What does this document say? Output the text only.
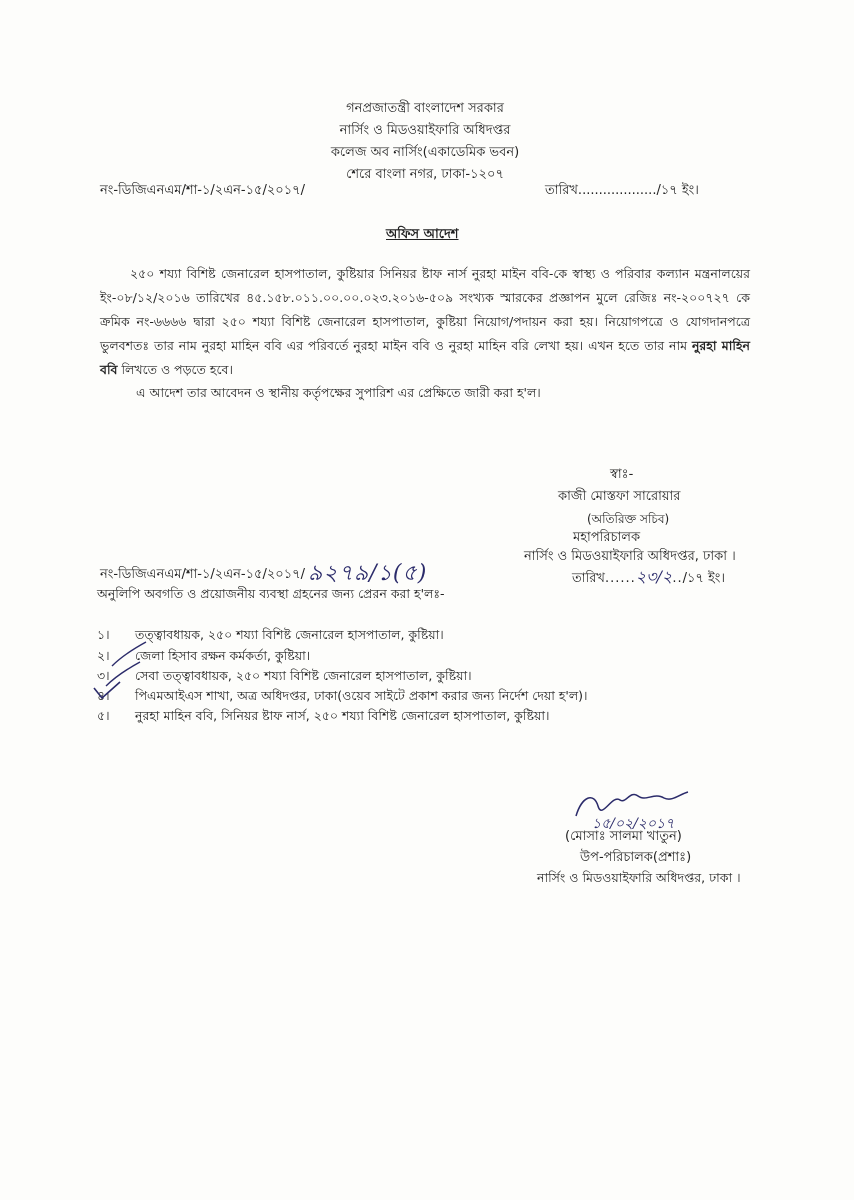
গনপ্রজাতন্ত্রী বাংলাদেশ সরকার
নার্সিং ও মিডওয়াইফারি অধিদপ্তর
কলেজ অব নার্সিং(একাডেমিক ভবন)
শেরে বাংলা নগর, ঢাকা-১২০৭
নং-ডিজিএনএম/শা-১/২এন-১৫/২০১৭/	তারিখ.................../১৭ ইং।
অফিস আদেশ
২৫০ শয্যা বিশিষ্ট জেনারেল হাসপাতাল, কুষ্টিয়ার সিনিয়র ষ্টাফ নার্স নুরহা মাইন ববি-কে স্বাস্থ্য ও পরিবার কল্যান মন্ত্রনালয়ের ইং-০৮/১২/২০১৬ তারিখের ৪৫.১৫৮.০১১.০০.০০.০২৩.২০১৬-৫০৯ সংখ্যক স্মারকের প্রজ্ঞাপন মুলে রেজিঃ নং-২০০৭২৭ কে ক্রমিক নং-৬৬৬৬ দ্বারা ২৫০ শয্যা বিশিষ্ট জেনারেল হাসপাতাল, কুষ্টিয়া নিয়োগ/পদায়ন করা হয়। নিয়োগপত্রে ও যোগদানপত্রে ভুলবশতঃ তার নাম নুরহা মাহিন ববি এর পরিবর্তে নুরহা মাইন ববি ও নুরহা মাহিন বরি লেখা হয়। এখন হতে তার নাম নুরহা মাহিন ববি লিখতে ও পড়তে হবে।
এ আদেশ তার আবেদন ও স্থানীয় কর্তৃপক্ষের সুপারিশ এর প্রেক্ষিতে জারী করা হ'ল।
স্বাঃ-
কাজী মোস্তফা সারোয়ার
(অতিরিক্ত সচিব)
মহাপরিচালক
নার্সিং ও মিডওয়াইফারি অধিদপ্তর, ঢাকা ।
নং-ডিজিএনএম/শা-১/২এন-১৫/২০১৭/ ৯২৭৯/১(৫)	তারিখ......২৩/২../১৭ ইং।
অনুলিপি অবগতি ও প্রয়োজনীয় ব্যবস্থা গ্রহনের জন্য প্রেরন করা হ'লঃ-
১। তত্ত্বাবধায়ক, ২৫০ শয্যা বিশিষ্ট জেনারেল হাসপাতাল, কুষ্টিয়া।
২। জেলা হিসাব রক্ষন কর্মকর্তা, কুষ্টিয়া।
৩। সেবা তত্ত্বাবধায়ক, ২৫০ শয্যা বিশিষ্ট জেনারেল হাসপাতাল, কুষ্টিয়া।
৪। পিএমআইএস শাখা, অত্র অধিদপ্তর, ঢাকা(ওয়েব সাইটে প্রকাশ করার জন্য নির্দেশ দেয়া হ'ল)।
৫। নুরহা মাহিন ববি, সিনিয়র ষ্টাফ নার্স, ২৫০ শয্যা বিশিষ্ট জেনারেল হাসপাতাল, কুষ্টিয়া।
১৫/০২/২০১৭
(মোসাঃ সালমা খাতুন)
উপ-পরিচালক(প্রশাঃ)
নার্সিং ও মিডওয়াইফারি অধিদপ্তর, ঢাকা ।
